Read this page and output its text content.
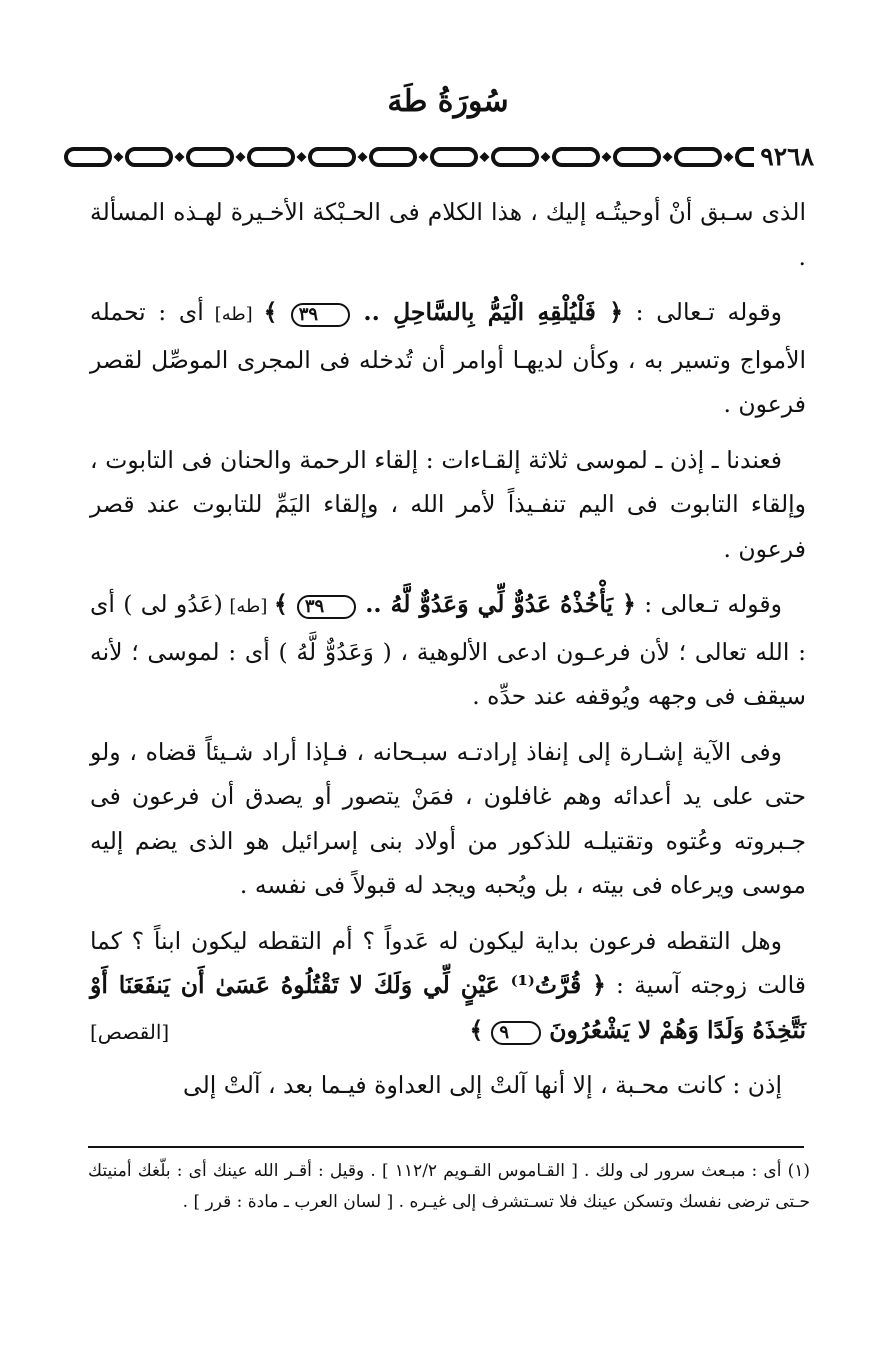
سُورَةُ طَهَ
٩٢٦٨

الذى سـبق أنْ أوحيتُـه إليك ، هذا الكلام فى الحـبْكة الأخـيرة لهـذه المسألة .

وقوله تـعالى : ﴿ فَلْيُلْقِهِ الْيَمُّ بِالسَّاحِلِ .. ٣٩ ﴾ [طه] أى : تحمله الأمواج وتسير به ، وكأن لديهـا أوامر أن تُدخله فى المجرى الموصِّل لقصر فرعون .

فعندنا ـ إذن ـ لموسى ثلاثة إلقـاءات : إلقاء الرحمة والحنان فى التابوت ، وإلقاء التابوت فى اليم تنفـيذاً لأمر الله ، وإلقاء اليَمِّ للتابوت عند قصر فرعون .

وقوله تـعالى : ﴿ يَأْخُذْهُ عَدُوٌّ لِّي وَعَدُوٌّ لَّهُ .. ٣٩ ﴾ [طه] (عَدُو لى ) أى : الله تعالى ؛ لأن فرعـون ادعى الألوهية ، ( وَعَدُوٌّ لَّهُ ) أى : لموسى ؛ لأنه سيقف فى وجهه ويُوقفه عند حدِّه .

وفى الآية إشـارة إلى إنفاذ إرادتـه سبـحانه ، فـإذا أراد شـيئاً قضاه ، ولو حتى على يد أعدائه وهم غافلون ، فمَنْ يتصور أو يصدق أن فرعون فى جـبروته وعُتوه وتقتيلـه للذكور من أولاد بنى إسرائيل هو الذى يضم إليه موسى ويرعاه فى بيته ، بل ويُحبه ويجد له قبولاً فى نفسه .

وهل التقطه فرعون بداية ليكون له عَدواً ؟ أم التقطه ليكون ابناً ؟ كما قالت زوجته آسية : ﴿ قُرَّتُ⁽¹⁾ عَيْنٍ لِّي وَلَكَ لا تَقْتُلُوهُ عَسَىٰ أَن يَنفَعَنَا أَوْ نَتَّخِذَهُ وَلَدًا وَهُمْ لا يَشْعُرُونَ ٩ ﴾
[القصص]

إذن : كانت محـبة ، إلا أنها آلتْ إلى العداوة فيـما بعد ، آلتْ إلى

(١) أى : مبـعث سرور لى ولك . [ القـاموس القـويم ١١٢/٢ ] . وقيل : أقـر الله عينك أى : بلّغك أمنيتك حـتى ترضى نفسك وتسكن عينك فلا تسـتشرف إلى غيـره . [ لسان العرب ـ مادة : قرر ] .
